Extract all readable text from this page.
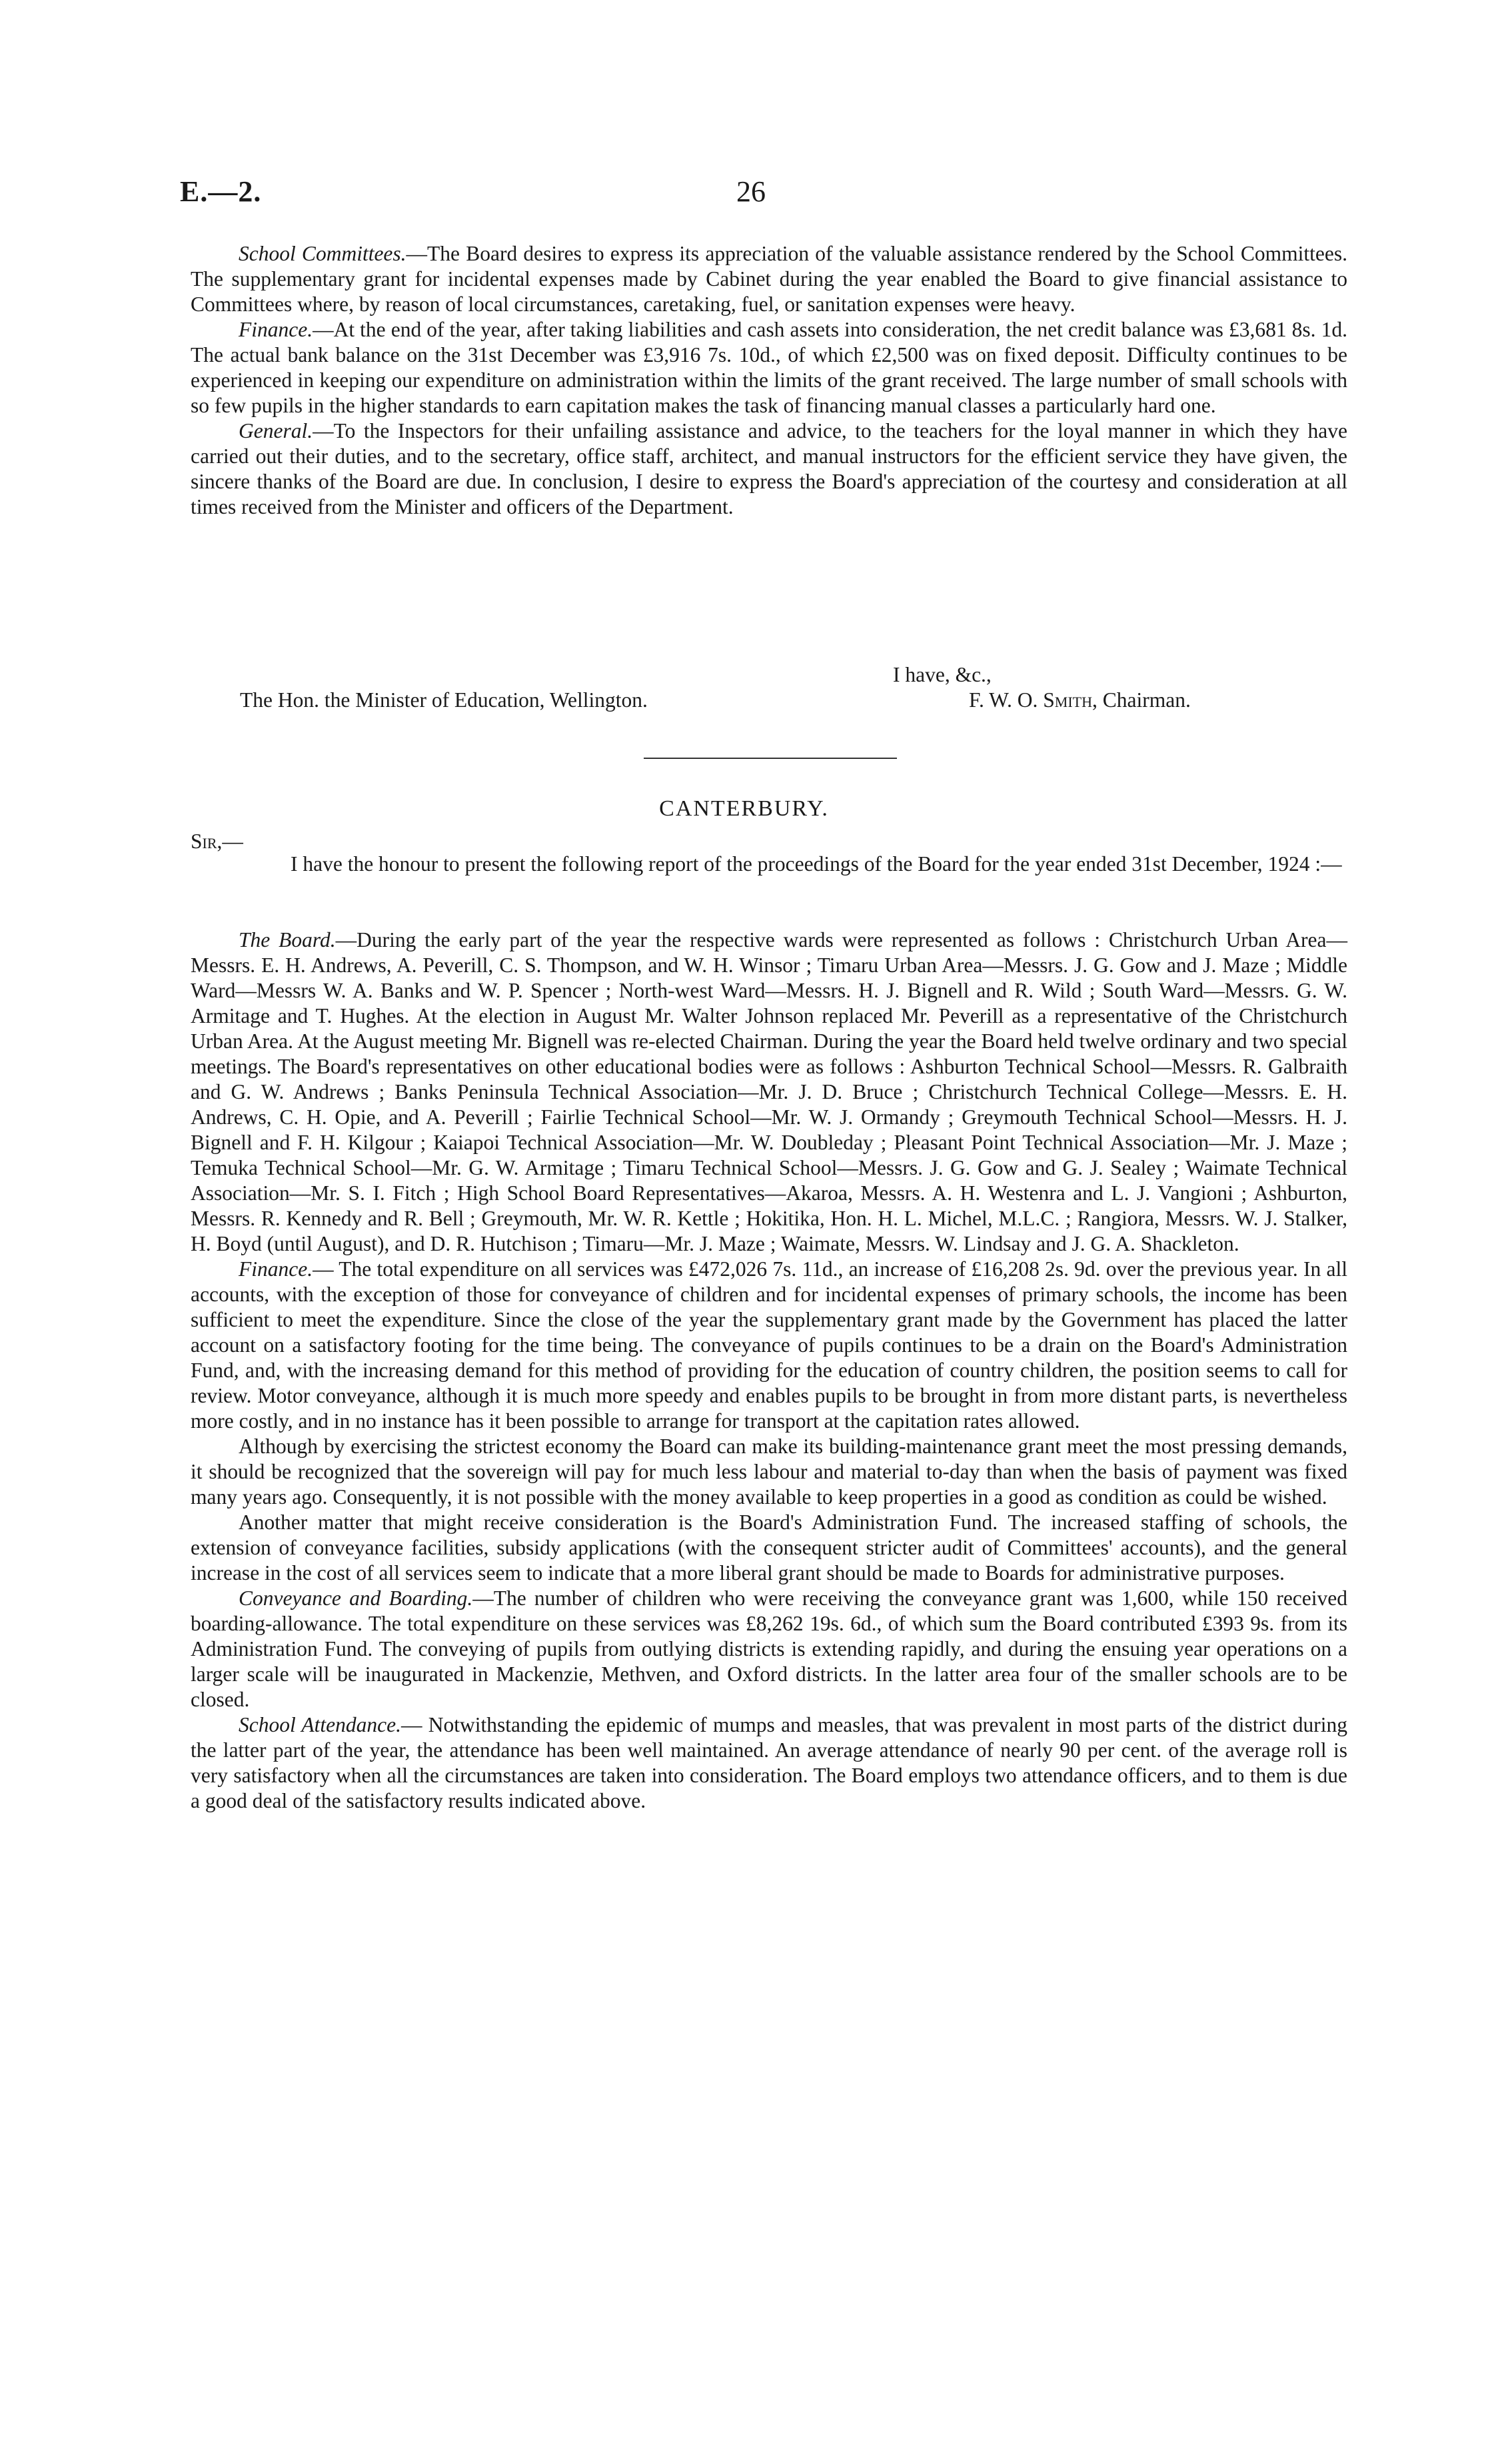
E.—2.	26

School Committees.—The Board desires to express its appreciation of the valuable assistance rendered by the School Committees. The supplementary grant for incidental expenses made by Cabinet during the year enabled the Board to give financial assistance to Committees where, by reason of local circumstances, caretaking, fuel, or sanitation expenses were heavy.

Finance.—At the end of the year, after taking liabilities and cash assets into consideration, the net credit balance was £3,681 8s. 1d. The actual bank balance on the 31st December was £3,916 7s. 10d., of which £2,500 was on fixed deposit. Difficulty continues to be experienced in keeping our expenditure on administration within the limits of the grant received. The large number of small schools with so few pupils in the higher standards to earn capitation makes the task of financing manual classes a particularly hard one.

General.—To the Inspectors for their unfailing assistance and advice, to the teachers for the loyal manner in which they have carried out their duties, and to the secretary, office staff, architect, and manual instructors for the efficient service they have given, the sincere thanks of the Board are due. In conclusion, I desire to express the Board's appreciation of the courtesy and consideration at all times received from the Minister and officers of the Department.

I have, &c.,
The Hon. the Minister of Education, Wellington.	F. W. O. Smith, Chairman.
CANTERBURY.
Sir,—

I have the honour to present the following report of the proceedings of the Board for the year ended 31st December, 1924 :—

The Board.—During the early part of the year the respective wards were represented as follows : Christchurch Urban Area—Messrs. E. H. Andrews, A. Peverill, C. S. Thompson, and W. H. Winsor ; Timaru Urban Area—Messrs. J. G. Gow and J. Maze ; Middle Ward—Messrs W. A. Banks and W. P. Spencer ; North-west Ward—Messrs. H. J. Bignell and R. Wild ; South Ward—Messrs. G. W. Armitage and T. Hughes. At the election in August Mr. Walter Johnson replaced Mr. Peverill as a representative of the Christchurch Urban Area. At the August meeting Mr. Bignell was re-elected Chairman. During the year the Board held twelve ordinary and two special meetings. The Board's representatives on other educational bodies were as follows : Ashburton Technical School—Messrs. R. Galbraith and G. W. Andrews ; Banks Peninsula Technical Association—Mr. J. D. Bruce ; Christchurch Technical College—Messrs. E. H. Andrews, C. H. Opie, and A. Peverill ; Fairlie Technical School—Mr. W. J. Ormandy ; Greymouth Technical School—Messrs. H. J. Bignell and F. H. Kilgour ; Kaiapoi Technical Association—Mr. W. Doubleday ; Pleasant Point Technical Association—Mr. J. Maze ; Temuka Technical School—Mr. G. W. Armitage ; Timaru Technical School—Messrs. J. G. Gow and G. J. Sealey ; Waimate Technical Association—Mr. S. I. Fitch ; High School Board Representatives—Akaroa, Messrs. A. H. Westenra and L. J. Vangioni ; Ashburton, Messrs. R. Kennedy and R. Bell ; Greymouth, Mr. W. R. Kettle ; Hokitika, Hon. H. L. Michel, M.L.C. ; Rangiora, Messrs. W. J. Stalker, H. Boyd (until August), and D. R. Hutchison ; Timaru—Mr. J. Maze ; Waimate, Messrs. W. Lindsay and J. G. A. Shackleton.

Finance.— The total expenditure on all services was £472,026 7s. 11d., an increase of £16,208 2s. 9d. over the previous year. In all accounts, with the exception of those for conveyance of children and for incidental expenses of primary schools, the income has been sufficient to meet the expenditure. Since the close of the year the supplementary grant made by the Government has placed the latter account on a satisfactory footing for the time being. The conveyance of pupils continues to be a drain on the Board's Administration Fund, and, with the increasing demand for this method of providing for the education of country children, the position seems to call for review. Motor conveyance, although it is much more speedy and enables pupils to be brought in from more distant parts, is nevertheless more costly, and in no instance has it been possible to arrange for transport at the capitation rates allowed.

Although by exercising the strictest economy the Board can make its building-maintenance grant meet the most pressing demands, it should be recognized that the sovereign will pay for much less labour and material to-day than when the basis of payment was fixed many years ago. Consequently, it is not possible with the money available to keep properties in a good as condition as could be wished.

Another matter that might receive consideration is the Board's Administration Fund. The increased staffing of schools, the extension of conveyance facilities, subsidy applications (with the consequent stricter audit of Committees' accounts), and the general increase in the cost of all services seem to indicate that a more liberal grant should be made to Boards for administrative purposes.

Conveyance and Boarding.—The number of children who were receiving the conveyance grant was 1,600, while 150 received boarding-allowance. The total expenditure on these services was £8,262 19s. 6d., of which sum the Board contributed £393 9s. from its Administration Fund. The conveying of pupils from outlying districts is extending rapidly, and during the ensuing year operations on a larger scale will be inaugurated in Mackenzie, Methven, and Oxford districts. In the latter area four of the smaller schools are to be closed.

School Attendance.— Notwithstanding the epidemic of mumps and measles, that was prevalent in most parts of the district during the latter part of the year, the attendance has been well maintained. An average attendance of nearly 90 per cent. of the average roll is very satisfactory when all the circumstances are taken into consideration. The Board employs two attendance officers, and to them is due a good deal of the satisfactory results indicated above.
